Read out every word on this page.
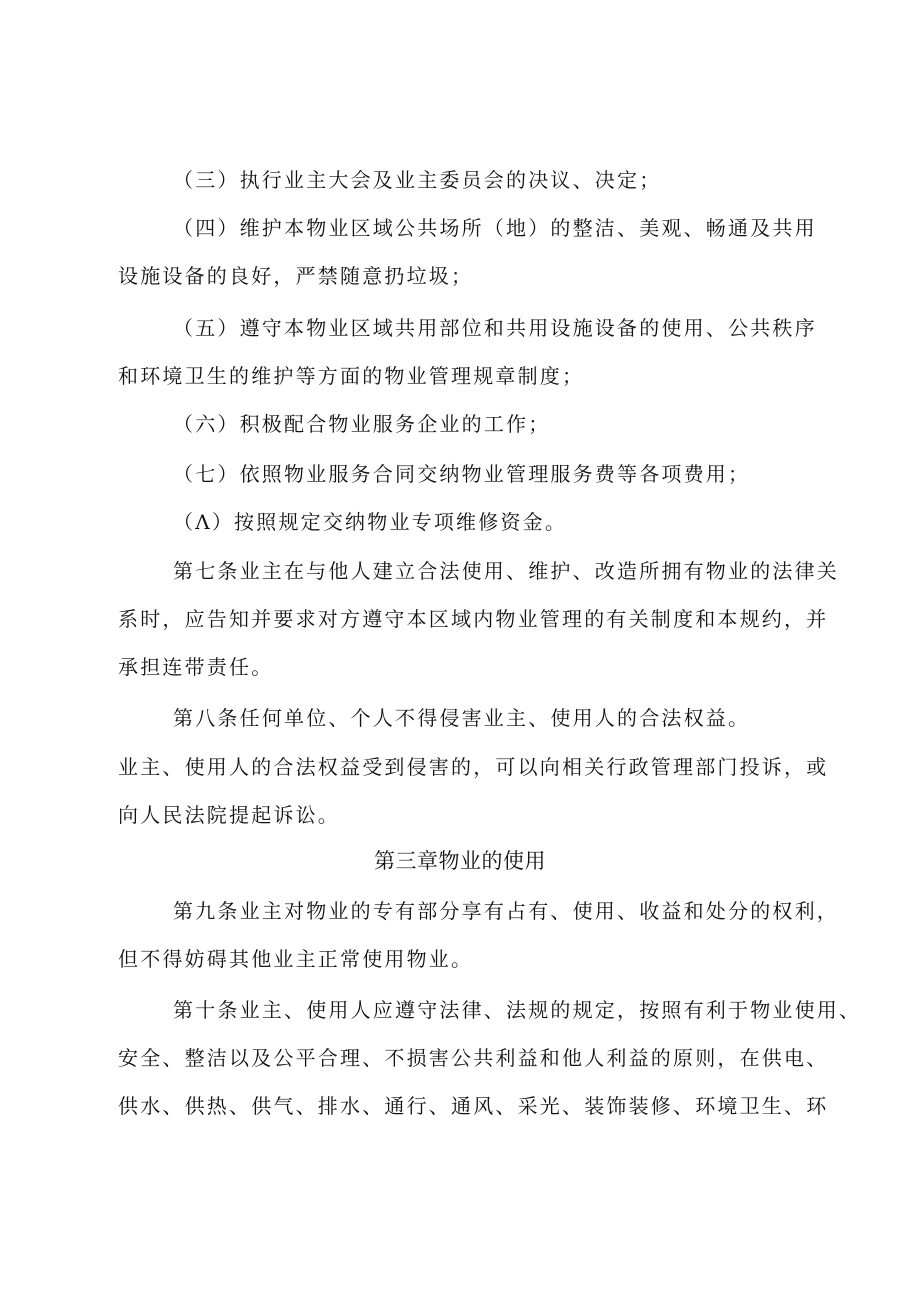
（三）执行业主大会及业主委员会的决议、决定；
（四）维护本物业区域公共场所（地）的整洁、美观、畅通及共用
设施设备的良好，严禁随意扔垃圾；
（五）遵守本物业区域共用部位和共用设施设备的使用、公共秩序
和环境卫生的维护等方面的物业管理规章制度；
（六）积极配合物业服务企业的工作；
（七）依照物业服务合同交纳物业管理服务费等各项费用；
（Λ）按照规定交纳物业专项维修资金。
第七条业主在与他人建立合法使用、维护、改造所拥有物业的法律关
系时，应告知并要求对方遵守本区域内物业管理的有关制度和本规约，并
承担连带责任。
第八条任何单位、个人不得侵害业主、使用人的合法权益。
业主、使用人的合法权益受到侵害的，可以向相关行政管理部门投诉，或
向人民法院提起诉讼。
第三章物业的使用
第九条业主对物业的专有部分享有占有、使用、收益和处分的权利，
但不得妨碍其他业主正常使用物业。
第十条业主、使用人应遵守法律、法规的规定，按照有利于物业使用、
安全、整洁以及公平合理、不损害公共利益和他人利益的原则，在供电、
供水、供热、供气、排水、通行、通风、采光、装饰装修、环境卫生、环
